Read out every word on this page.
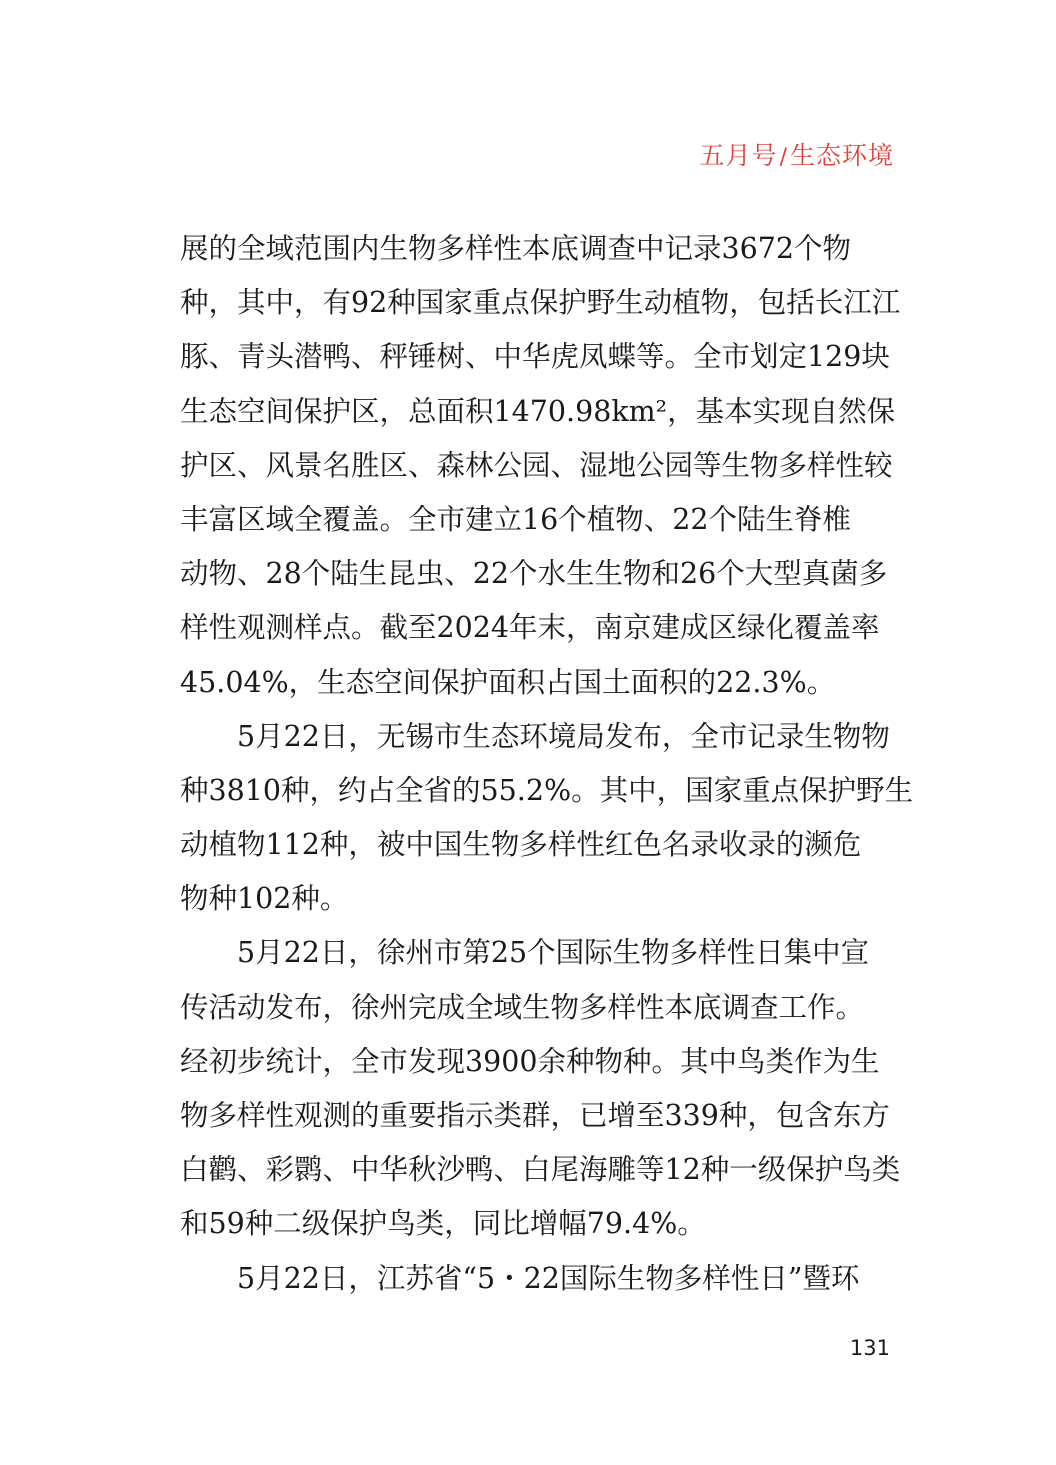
五月号/生态环境
展的全域范围内生物多样性本底调查中记录3672个物
种，其中，有92种国家重点保护野生动植物，包括长江江
豚、青头潜鸭、秤锤树、中华虎凤蝶等。全市划定129块
生态空间保护区，总面积1470.98km²，基本实现自然保
护区、风景名胜区、森林公园、湿地公园等生物多样性较
丰富区域全覆盖。全市建立16个植物、22个陆生脊椎
动物、28个陆生昆虫、22个水生生物和26个大型真菌多
样性观测样点。截至2024年末，南京建成区绿化覆盖率
45.04%，生态空间保护面积占国土面积的22.3%。
　　5月22日，无锡市生态环境局发布，全市记录生物物
种3810种，约占全省的55.2%。其中，国家重点保护野生
动植物112种，被中国生物多样性红色名录收录的濒危
物种102种。
　　5月22日，徐州市第25个国际生物多样性日集中宣
传活动发布，徐州完成全域生物多样性本底调查工作。
经初步统计，全市发现3900余种物种。其中鸟类作为生
物多样性观测的重要指示类群，已增至339种，包含东方
白鹳、彩鹮、中华秋沙鸭、白尾海雕等12种一级保护鸟类
和59种二级保护鸟类，同比增幅79.4%。
　　5月22日，江苏省“5・22国际生物多样性日”暨环
131
